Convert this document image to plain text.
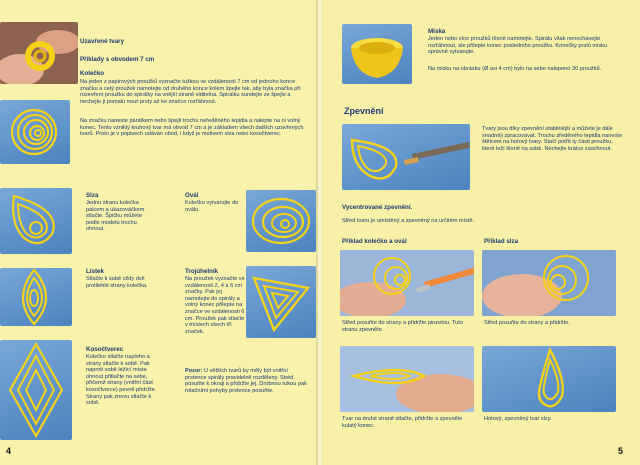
Uzavřené tvary
Příklady s obvodem 7 cm
Kolečko
Na jeden z papírových proužků vyznačte tužkou ve vzdálenosti 7 cm od jednoho konce značku a celý proužek namotejte od druhého konce kolem špejle tak, aby byla značka při rozevření proužku do spirálky na vnější straně viditelná. Spirálku sundejte ze špejle a nechejte ji pomalu mezi prsty až ke značce rozťáhnout.
Na značku naneste párátkem nebo špejlí trochu neředěného lepidla a nalepte na ni volný konec. Tento vzniklý kruhový tvar má obvod 7 cm a je základem všech dalších uzavřených tvarů. Proto je v popisech udáván obod, i když je motivem slza nebo kosočtverec.
Slza
Jednu stranu kolečka palcem a ukazováčkem stlačte. Špičku můžete podle modelu trochu ohnout.
Ovál
Kolečko vytvarujte do oválu.
Lístek
Stlačte k sobě vždy dvě protilehlé strany kolečka.
Trojúhelník
Na proužek vyznačte ve vzdálenosti 2, 4 a 6 cm značky. Pak jej namotejte do spirály a volný konec přilepte na značce ve vzdálenosti 6 cm. Proužek pak stlačte v místech všech tří značek.
Kosočtverec
Kolečko stlačte naploho a strany stlačte k sobě. Pak naproti sobě ležící místa ohnout přitlačte na sebe, přičemž strany (vnitřní část kosočtverce) pevně přidržte. Strany pak znovu stlačte k sobě.
Pozor: U větších tvarů by měly být vnitřní prstence spirály pravidelně rozděleny. Stréd posuňte k okraji a přidržte jej. Drobnou rukou pak rotačními pohyby prstence posuňte.
4
Miska
Jeden nebo více proužků těsně namotejte. Spirálu však nenechávejte rozťáhnout, ale přilepte konec posledního proužku. Konečky prstů misku správně vytvarujte.
Na misku na obrázku (Ø asi 4 cm) bylo na sebe nalepeno 30 proužků.
Zpevnění
Tvary jsou díky zpevnění stabilnější a můžete je dále snadněji zpracovávat. Trochu zředěného lepidla naneste štětcem na hotový tvary. Stačí potřít ty části proužku, které leží těsně na sobě. Nechejte krátce zaschnout.
Vycentrované zpevnění.
Střed tvaru je umístěný a zpevněný na určitém místě.
Příklad kolečko a ovál	Příklad slza
Střed posuňte do strany a přidržte pinzetou. Tuto stranu zpevněte.
Střed posuňte do strany a přidržte.
Tvar na druhé straně stlačte, přidržte a zpevněte kulatý konec.
Hotový, zpevněný tvar slzy.
5
